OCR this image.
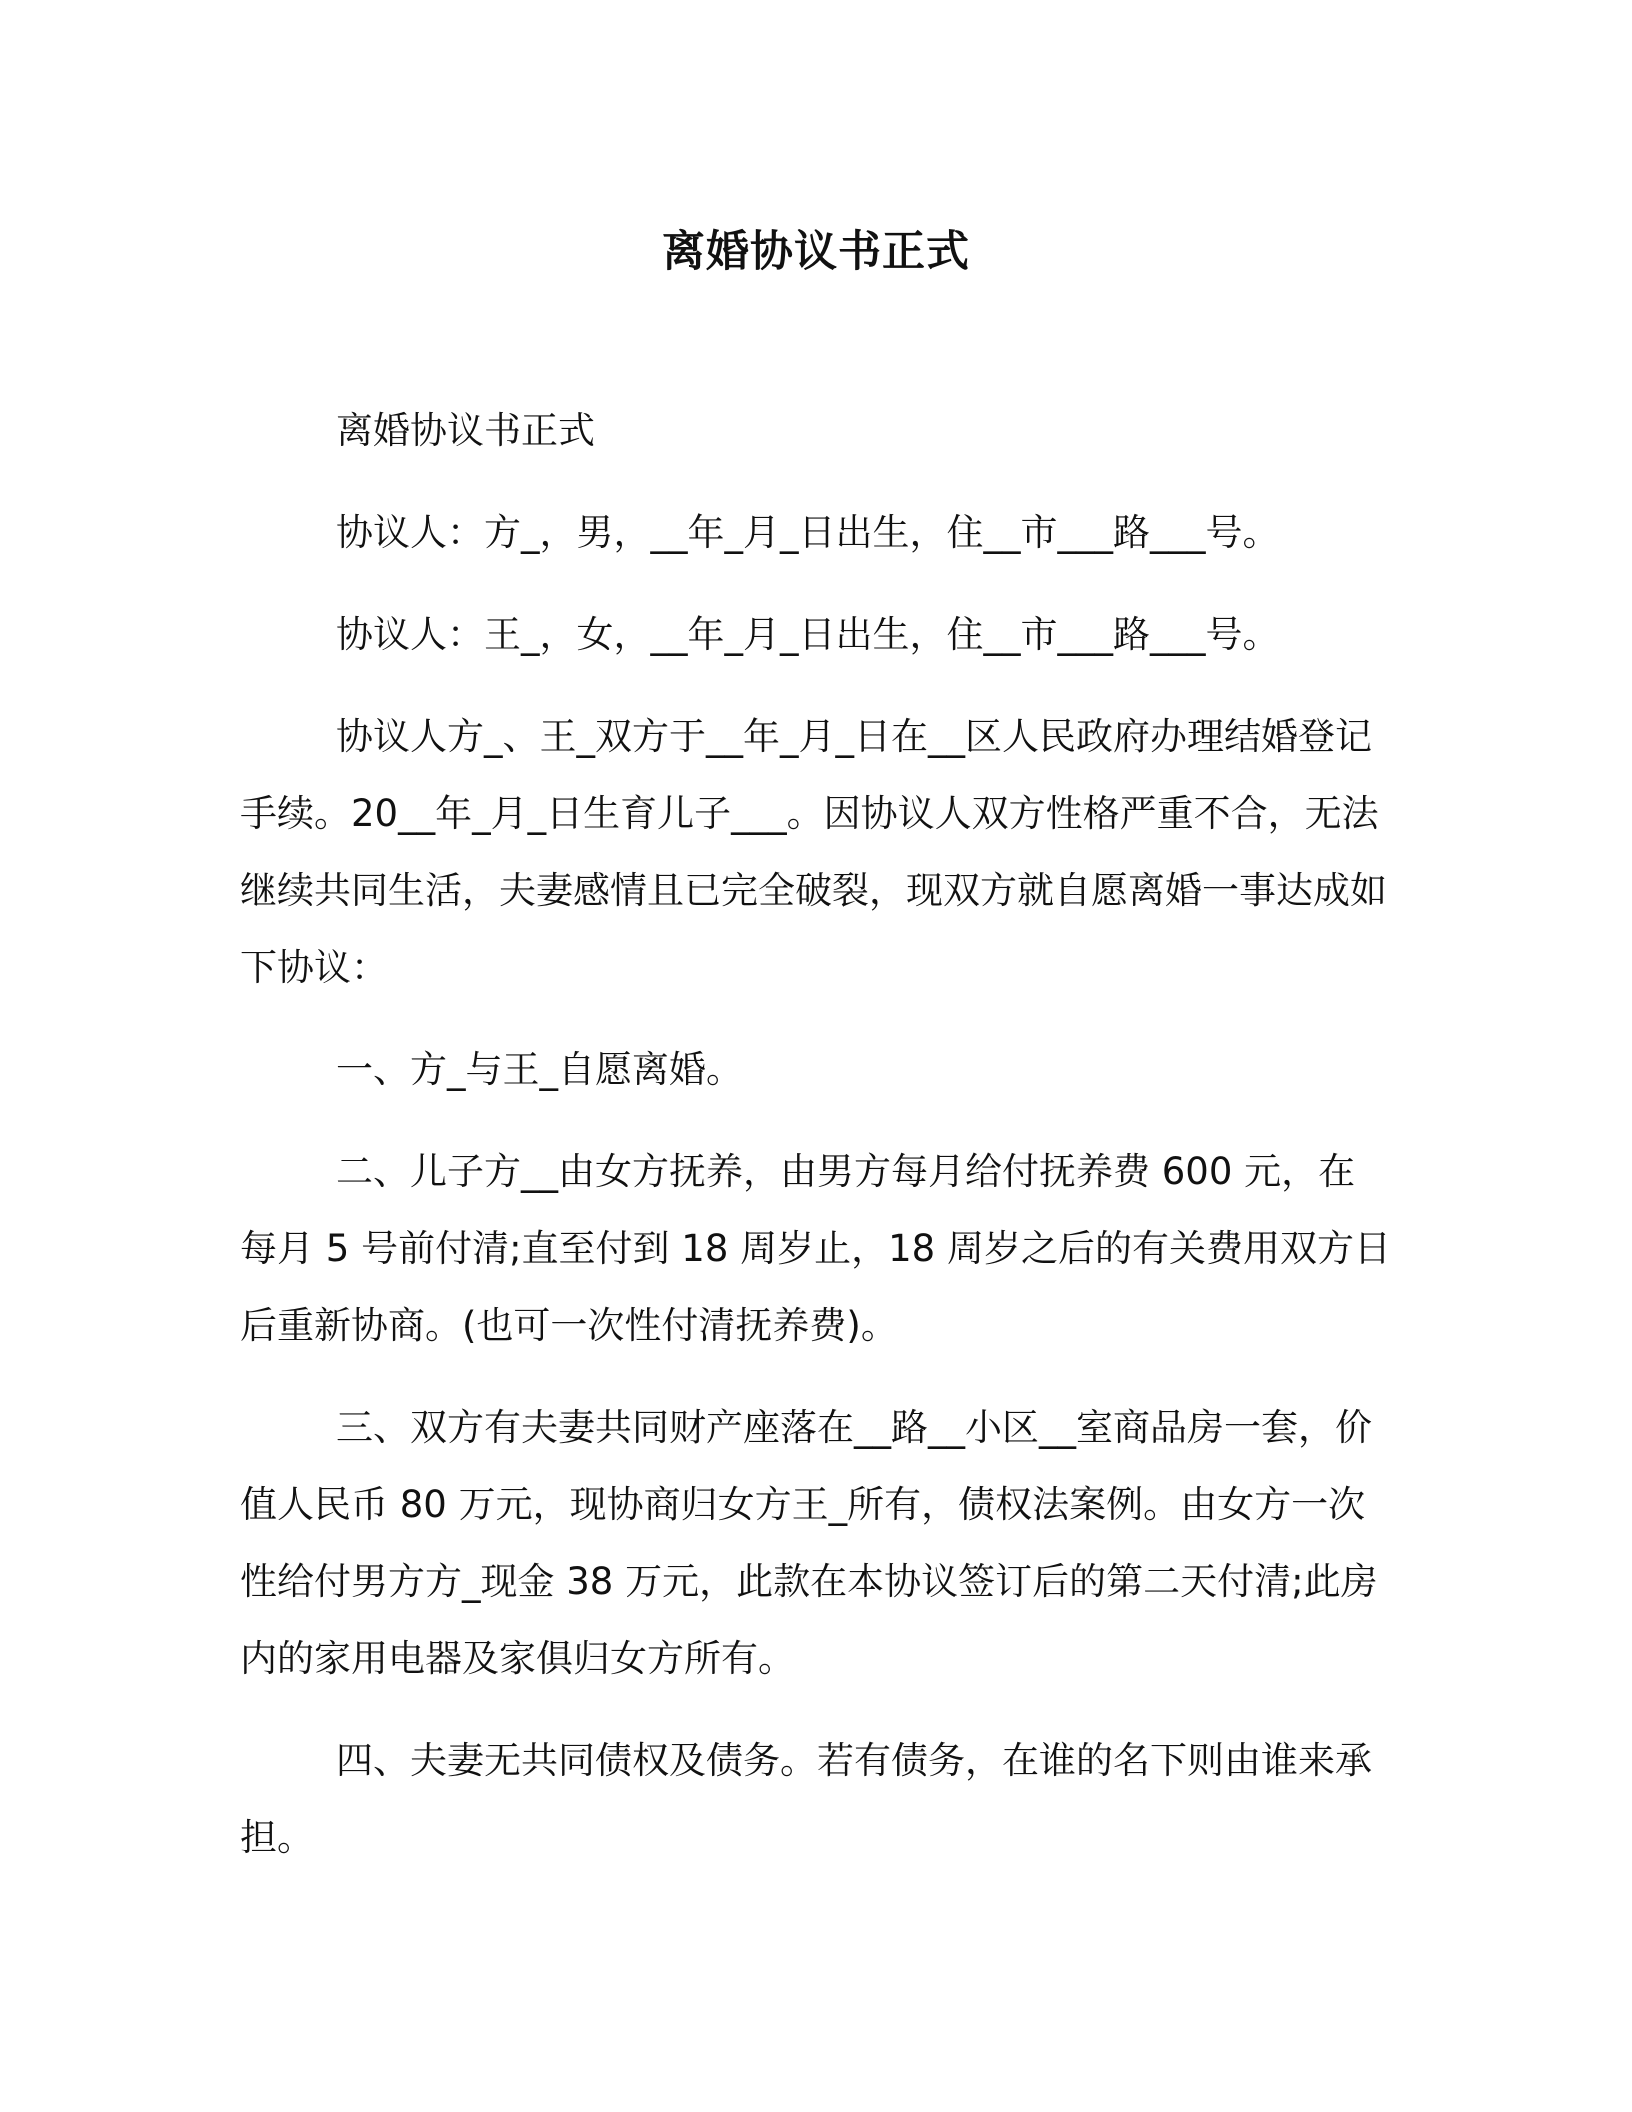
离婚协议书正式

离婚协议书正式

协议人：方_，男，__年_月_日出生，住__市___路___号。

协议人：王_，女，__年_月_日出生，住__市___路___号。

协议人方_、王_双方于__年_月_日在__区人民政府办理结婚登记手续。20__年_月_日生育儿子___。因协议人双方性格严重不合，无法继续共同生活，夫妻感情且已完全破裂，现双方就自愿离婚一事达成如下协议：

一、方_与王_自愿离婚。

二、儿子方__由女方抚养，由男方每月给付抚养费 600 元，在每月 5 号前付清;直至付到 18 周岁止，18 周岁之后的有关费用双方日后重新协商。(也可一次性付清抚养费)。

三、双方有夫妻共同财产座落在__路__小区__室商品房一套，价值人民币 80 万元，现协商归女方王_所有，债权法案例。由女方一次性给付男方方_现金 38 万元，此款在本协议签订后的第二天付清;此房内的家用电器及家俱归女方所有。

四、夫妻无共同债权及债务。若有债务，在谁的名下则由谁来承担。
